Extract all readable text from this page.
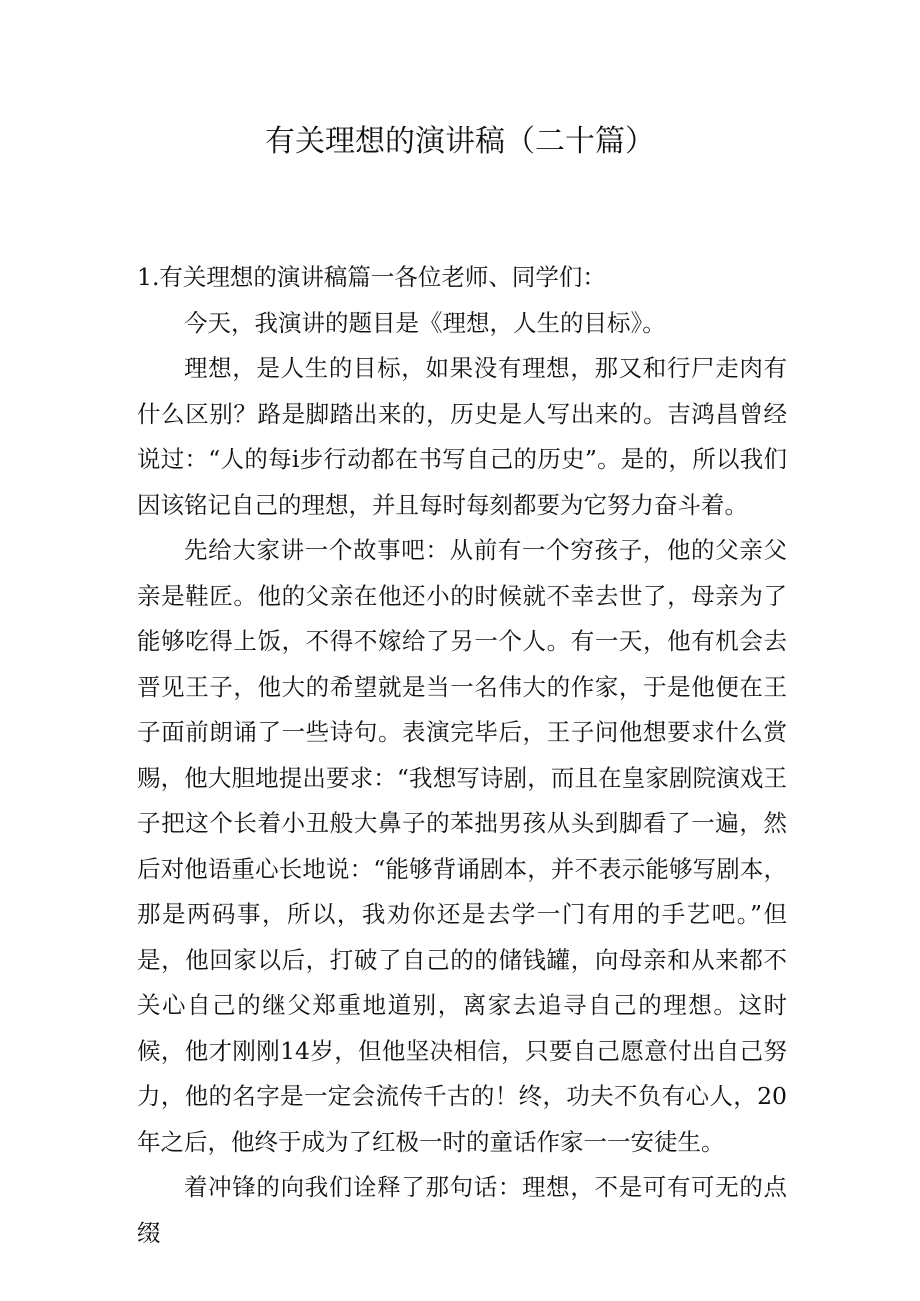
有关理想的演讲稿（二十篇）

1.有关理想的演讲稿篇一各位老师、同学们：

今天，我演讲的题目是《理想，人生的目标》。

理想，是人生的目标，如果没有理想，那又和行尸走肉有什么区别？路是脚踏出来的，历史是人写出来的。吉鸿昌曾经说过：“人的每i步行动都在书写自己的历史”。是的，所以我们因该铭记自己的理想，并且每时每刻都要为它努力奋斗着。

先给大家讲一个故事吧：从前有一个穷孩子，他的父亲父亲是鞋匠。他的父亲在他还小的时候就不幸去世了，母亲为了能够吃得上饭，不得不嫁给了另一个人。有一天，他有机会去晋见王子，他大的希望就是当一名伟大的作家，于是他便在王子面前朗诵了一些诗句。表演完毕后，王子问他想要求什么赏赐，他大胆地提出要求：“我想写诗剧，而且在皇家剧院演戏王子把这个长着小丑般大鼻子的苯拙男孩从头到脚看了一遍，然后对他语重心长地说：“能够背诵剧本，并不表示能够写剧本，那是两码事，所以，我劝你还是去学一门有用的手艺吧。”但是，他回家以后，打破了自己的的储钱罐，向母亲和从来都不关心自己的继父郑重地道别，离家去追寻自己的理想。这时候，他才刚刚14岁，但他坚决相信，只要自己愿意付出自己努力，他的名字是一定会流传千古的！终，功夫不负有心人，20年之后，他终于成为了红极一时的童话作家一一安徒生。

着冲锋的向我们诠释了那句话：理想，不是可有可无的点缀
